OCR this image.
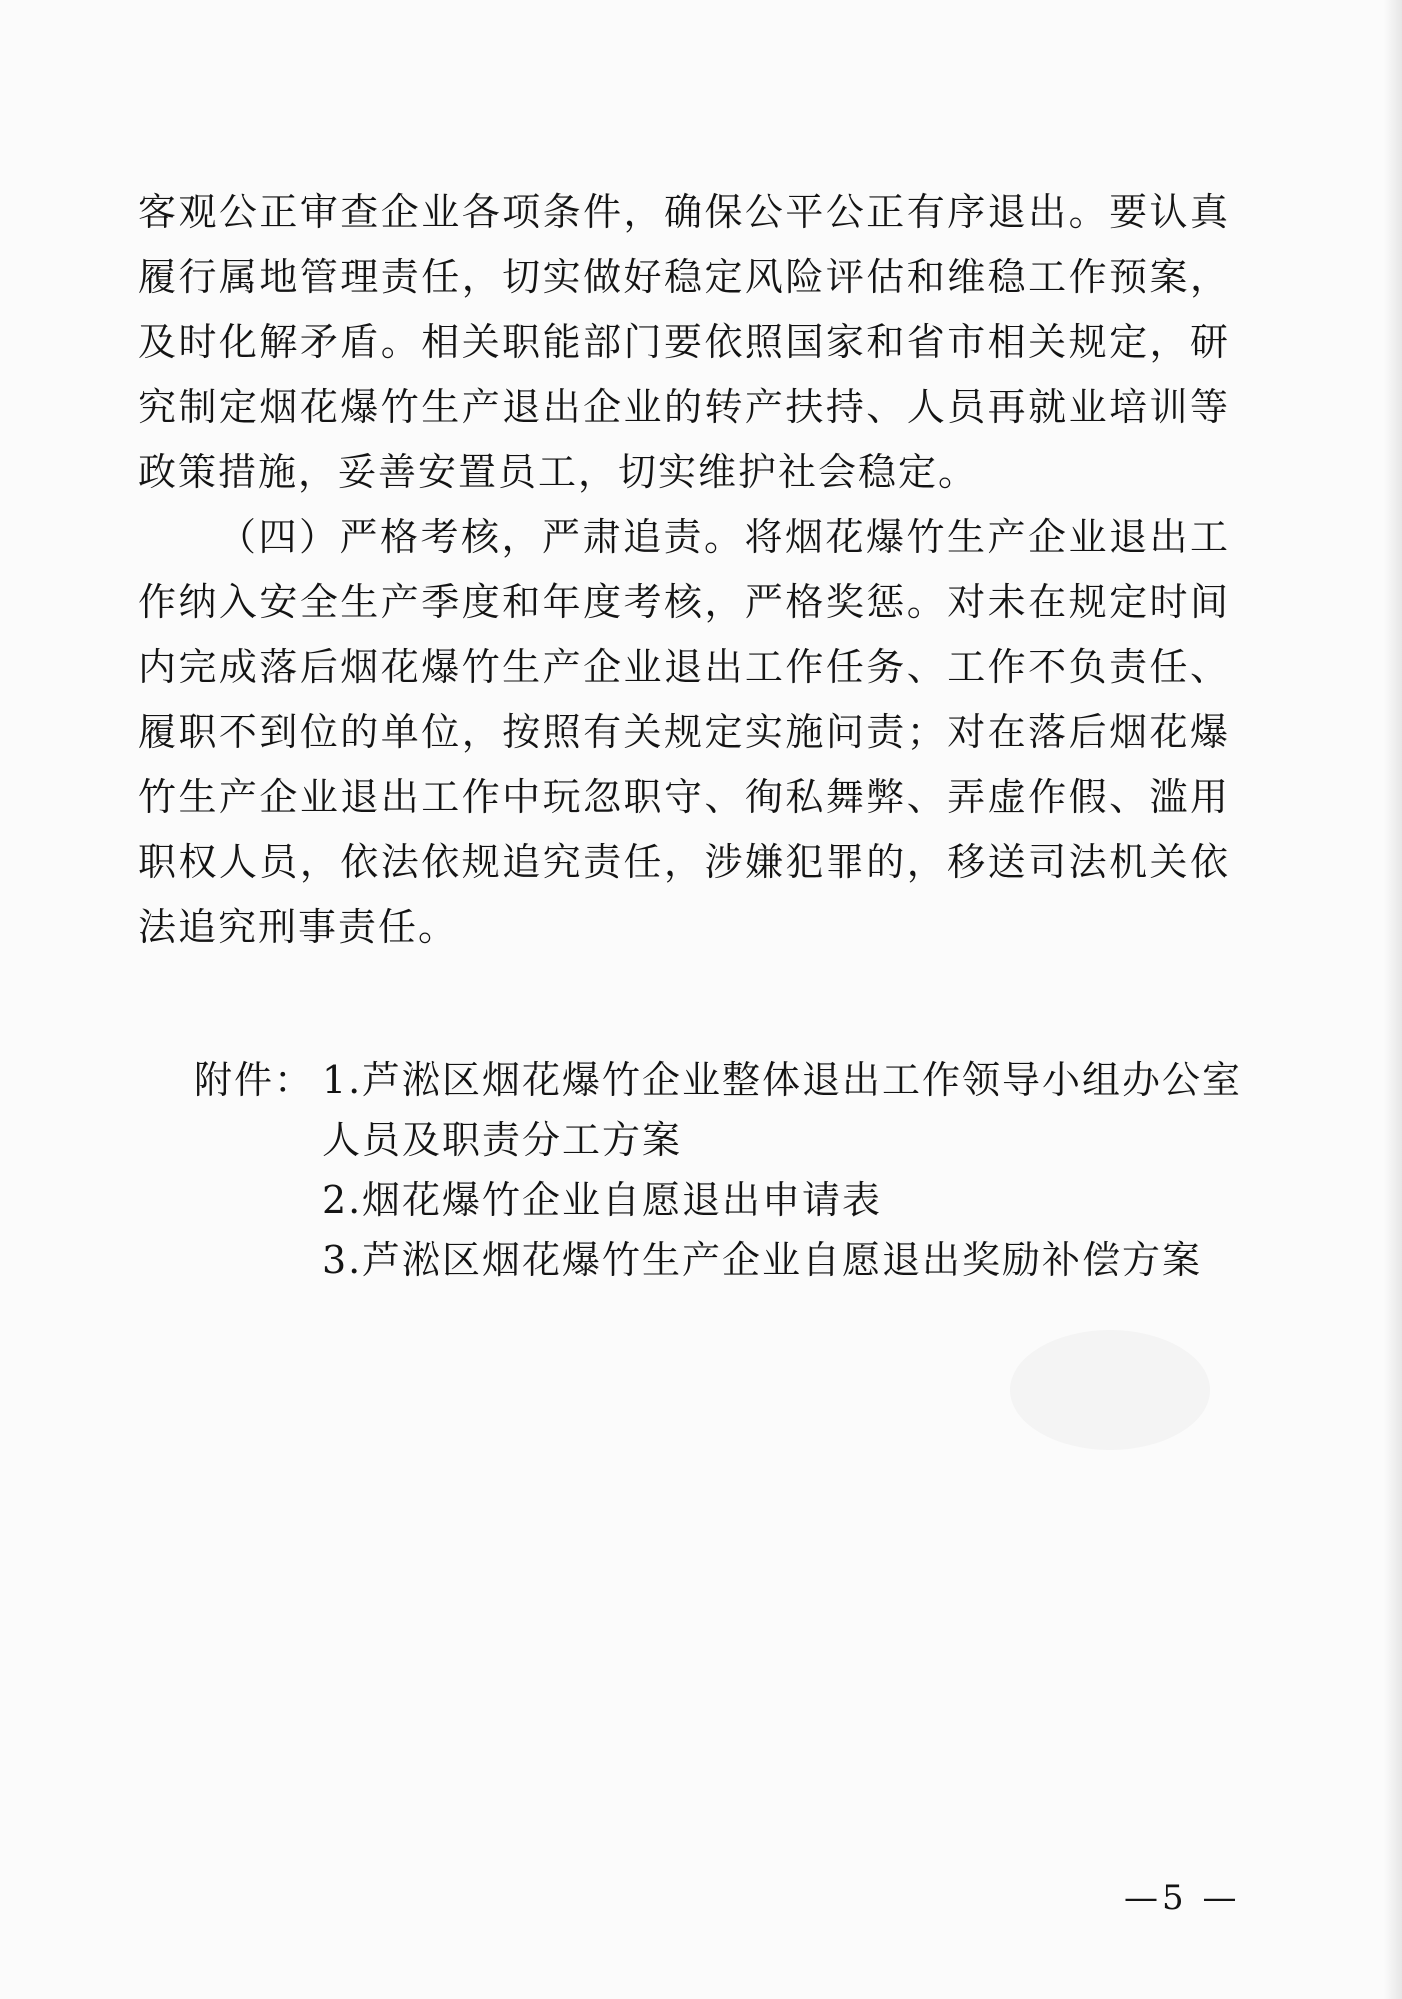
客观公正审查企业各项条件，确保公平公正有序退出。要认真履行属地管理责任，切实做好稳定风险评估和维稳工作预案，及时化解矛盾。相关职能部门要依照国家和省市相关规定，研究制定烟花爆竹生产退出企业的转产扶持、人员再就业培训等政策措施，妥善安置员工，切实维护社会稳定。

（四）严格考核，严肃追责。将烟花爆竹生产企业退出工作纳入安全生产季度和年度考核，严格奖惩。对未在规定时间内完成落后烟花爆竹生产企业退出工作任务、工作不负责任、履职不到位的单位，按照有关规定实施问责；对在落后烟花爆竹生产企业退出工作中玩忽职守、徇私舞弊、弄虚作假、滥用职权人员，依法依规追究责任，涉嫌犯罪的，移送司法机关依法追究刑事责任。

附件： 1.芦淞区烟花爆竹企业整体退出工作领导小组办公室
人员及职责分工方案
2.烟花爆竹企业自愿退出申请表
3.芦淞区烟花爆竹生产企业自愿退出奖励补偿方案
—5 —
